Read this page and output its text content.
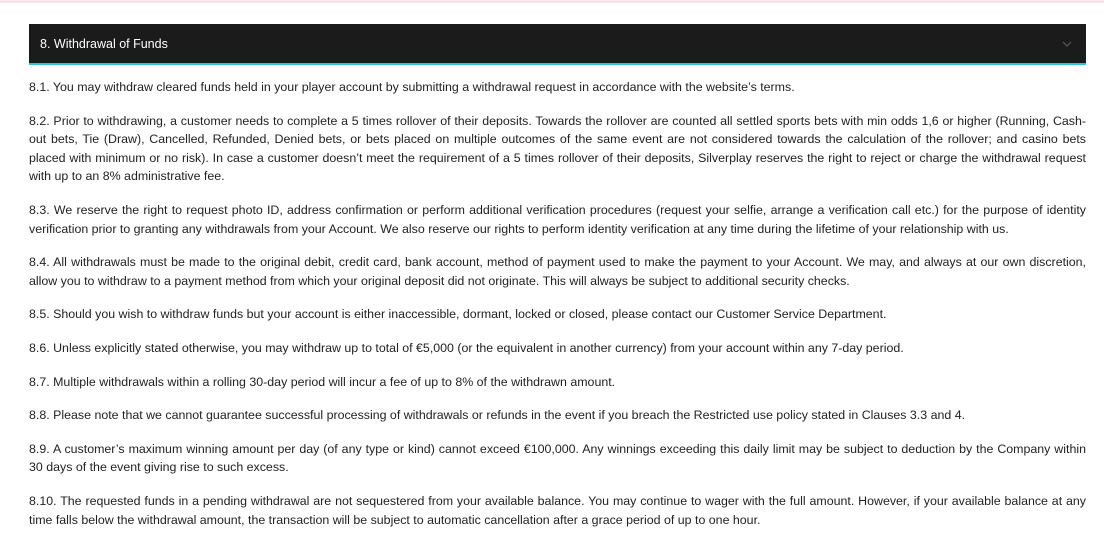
8. Withdrawal of Funds

8.1. You may withdraw cleared funds held in your player account by submitting a withdrawal request in accordance with the website’s terms.

8.2. Prior to withdrawing, a customer needs to complete a 5 times rollover of their deposits. Towards the rollover are counted all settled sports bets with min odds 1,6 or higher (Running, Cash-out bets, Tie (Draw), Cancelled, Refunded, Denied bets, or bets placed on multiple outcomes of the same event are not considered towards the calculation of the rollover; and casino bets placed with minimum or no risk). In case a customer doesn’t meet the requirement of a 5 times rollover of their deposits, Silverplay reserves the right to reject or charge the withdrawal request with up to an 8% administrative fee.

8.3. We reserve the right to request photo ID, address confirmation or perform additional verification procedures (request your selfie, arrange a verification call etc.) for the purpose of identity verification prior to granting any withdrawals from your Account. We also reserve our rights to perform identity verification at any time during the lifetime of your relationship with us.

8.4. All withdrawals must be made to the original debit, credit card, bank account, method of payment used to make the payment to your Account. We may, and always at our own discretion, allow you to withdraw to a payment method from which your original deposit did not originate. This will always be subject to additional security checks.

8.5. Should you wish to withdraw funds but your account is either inaccessible, dormant, locked or closed, please contact our Customer Service Department.

8.6. Unless explicitly stated otherwise, you may withdraw up to total of €5,000 (or the equivalent in another currency) from your account within any 7-day period.

8.7. Multiple withdrawals within a rolling 30-day period will incur a fee of up to 8% of the withdrawn amount.

8.8. Please note that we cannot guarantee successful processing of withdrawals or refunds in the event if you breach the Restricted use policy stated in Clauses 3.3 and 4.

8.9. A customer’s maximum winning amount per day (of any type or kind) cannot exceed €100,000. Any winnings exceeding this daily limit may be subject to deduction by the Company within 30 days of the event giving rise to such excess.

8.10. The requested funds in a pending withdrawal are not sequestered from your available balance. You may continue to wager with the full amount. However, if your available balance at any time falls below the withdrawal amount, the transaction will be subject to automatic cancellation after a grace period of up to one hour.
